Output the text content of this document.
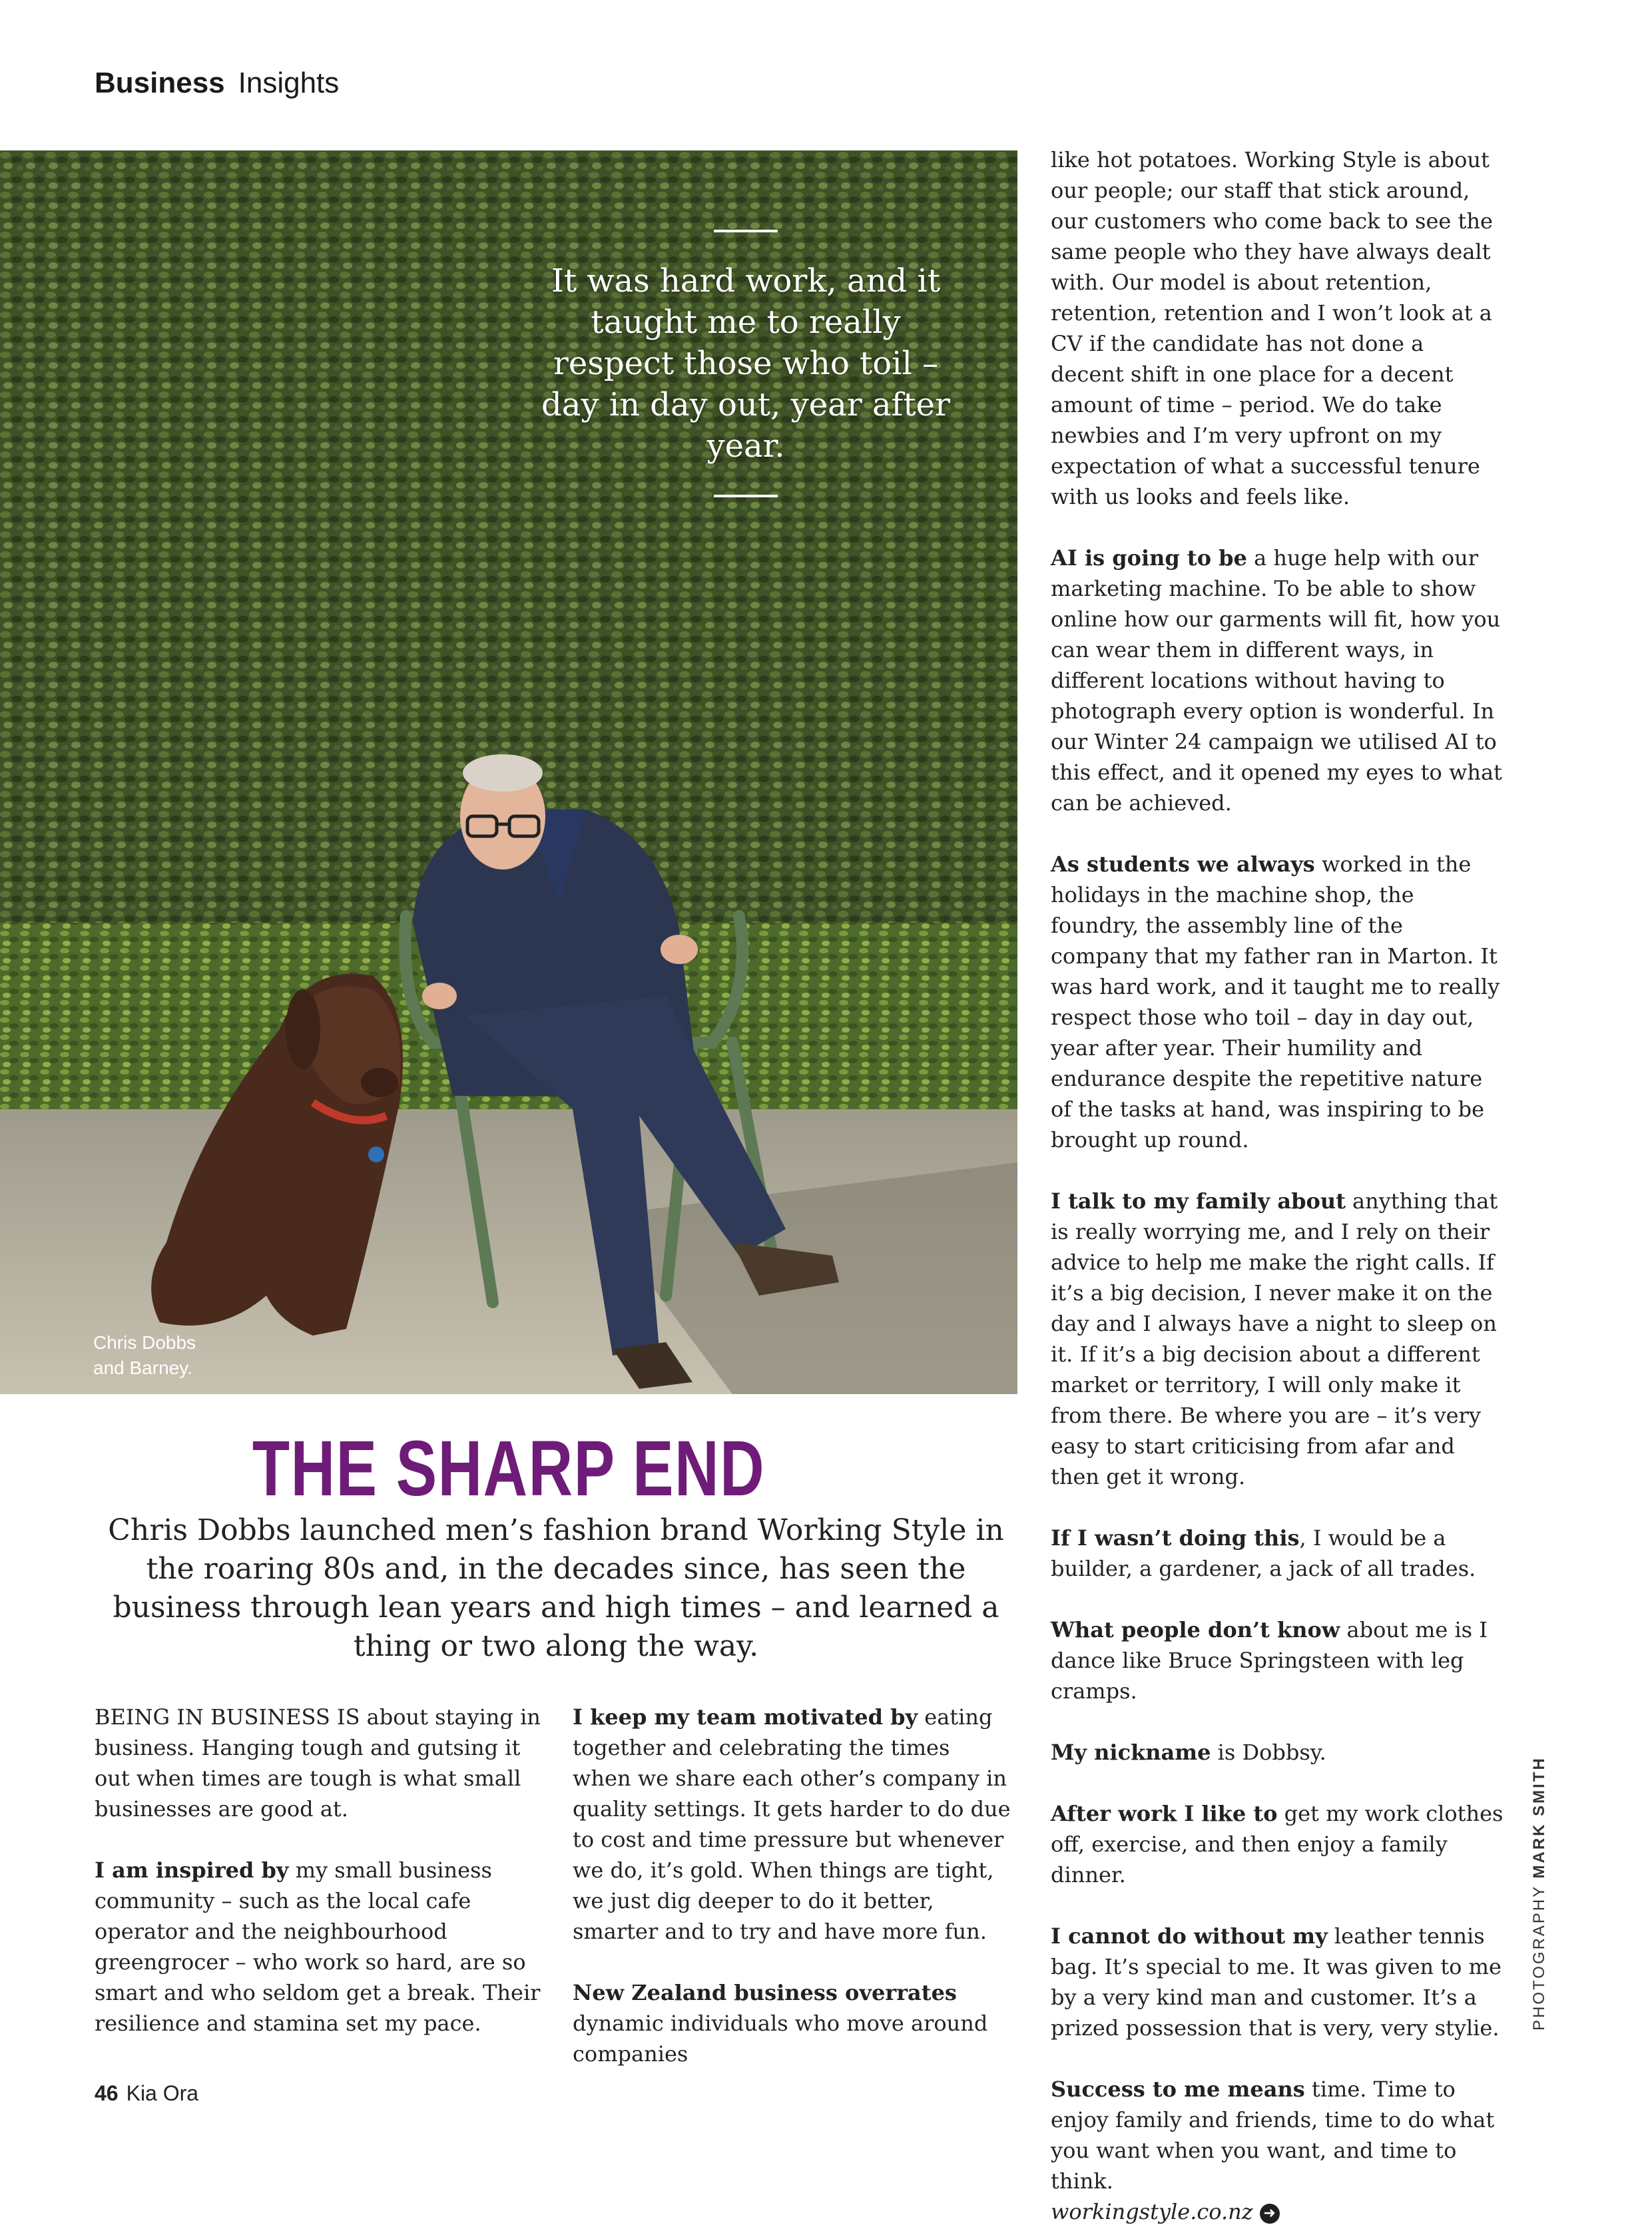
Business Insights
It was hard work, and it taught me to really respect those who toil – day in day out, year after year.
Chris Dobbs
and Barney.
THE SHARP END
Chris Dobbs launched men’s fashion brand Working Style in the roaring 80s and, in the decades since, has seen the business through lean years and high times – and learned a thing or two along the way.

BEING IN BUSINESS IS about staying in business. Hanging tough and gutsing it out when times are tough is what small businesses are good at.

I am inspired by my small business community – such as the local cafe operator and the neighbourhood greengrocer – who work so hard, are so smart and who seldom get a break. Their resilience and stamina set my pace.

I keep my team motivated by eating together and celebrating the times when we share each other’s company in quality settings. It gets harder to do due to cost and time pressure but whenever we do, it’s gold. When things are tight, we just dig deeper to do it better, smarter and to try and have more fun.

New Zealand business overrates dynamic individuals who move around companies

like hot potatoes. Working Style is about our people; our staff that stick around, our customers who come back to see the same people who they have always dealt with. Our model is about retention, retention, retention and I won’t look at a CV if the candidate has not done a decent shift in one place for a decent amount of time – period. We do take newbies and I’m very upfront on my expectation of what a successful tenure with us looks and feels like.

AI is going to be a huge help with our marketing machine. To be able to show online how our garments will fit, how you can wear them in different ways, in different locations without having to photograph every option is wonderful. In our Winter 24 campaign we utilised AI to this effect, and it opened my eyes to what can be achieved.

As students we always worked in the holidays in the machine shop, the foundry, the assembly line of the company that my father ran in Marton. It was hard work, and it taught me to really respect those who toil – day in day out, year after year. Their humility and endurance despite the repetitive nature of the tasks at hand, was inspiring to be brought up round.

I talk to my family about anything that is really worrying me, and I rely on their advice to help me make the right calls. If it’s a big decision, I never make it on the day and I always have a night to sleep on it. If it’s a big decision about a different market or territory, I will only make it from there. Be where you are – it’s very easy to start criticising from afar and then get it wrong.

If I wasn’t doing this, I would be a builder, a gardener, a jack of all trades.

What people don’t know about me is I dance like Bruce Springsteen with leg cramps.

My nickname is Dobbsy.

After work I like to get my work clothes off, exercise, and then enjoy a family dinner.

I cannot do without my leather tennis bag. It’s special to me. It was given to me by a very kind man and customer. It’s a prized possession that is very, very stylie.

Success to me means time. Time to enjoy family and friends, time to do what you want when you want, and time to think.
workingstyle.co.nz ➜

PHOTOGRAPHY MARK SMITH
46 Kia Ora
